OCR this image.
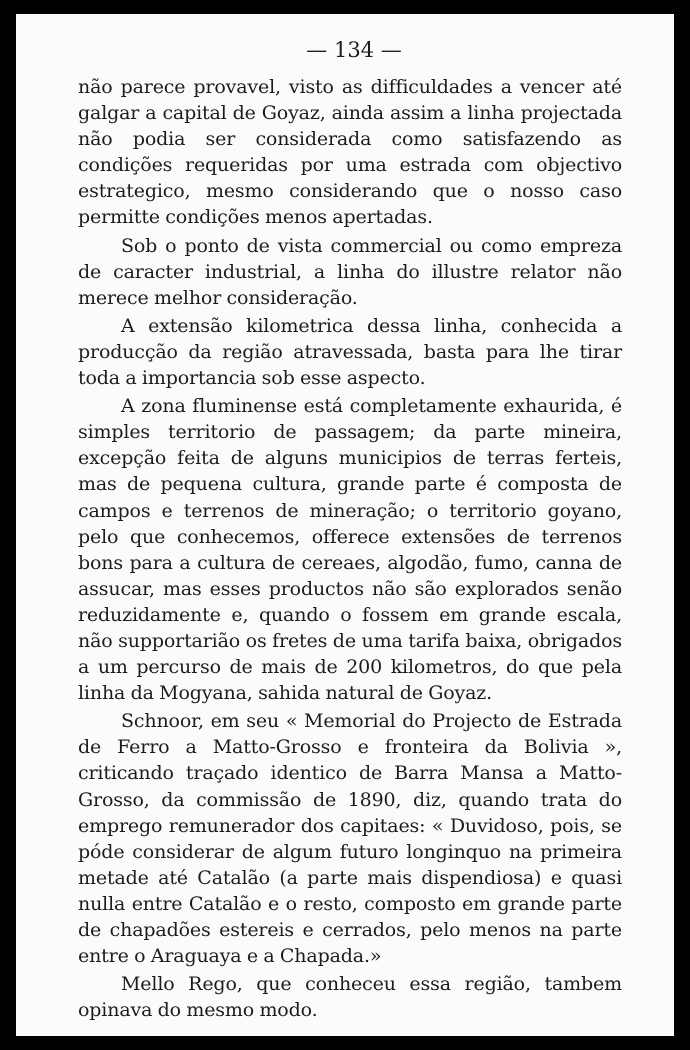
— 134 —

não parece provavel, visto as difficuldades a vencer até galgar a capital de Goyaz, ainda assim a linha projectada não podia ser considerada como satisfazendo as condições requeridas por uma estrada com objectivo estrategico, mesmo considerando que o nosso caso permitte condições menos apertadas.

Sob o ponto de vista commercial ou como empreza de caracter industrial, a linha do illustre relator não merece melhor consideração.

A extensão kilometrica dessa linha, conhecida a producção da região atravessada, basta para lhe tirar toda a importancia sob esse aspecto.

A zona fluminense está completamente exhaurida, é simples territorio de passagem; da parte mineira, excepção feita de alguns municipios de terras ferteis, mas de pequena cultura, grande parte é composta de campos e terrenos de mineração; o territorio goyano, pelo que conhecemos, offerece extensões de terrenos bons para a cultura de cereaes, algodão, fumo, canna de assucar, mas esses productos não são explorados senão reduzidamente e, quando o fossem em grande escala, não supportarião os fretes de uma tarifa baixa, obrigados a um percurso de mais de 200 kilometros, do que pela linha da Mogyana, sahida natural de Goyaz.

Schnoor, em seu « Memorial do Projecto de Estrada de Ferro a Matto-Grosso e fronteira da Bolivia », criticando traçado identico de Barra Mansa a Matto-Grosso, da commissão de 1890, diz, quando trata do emprego remunerador dos capitaes: « Duvidoso, pois, se póde considerar de algum futuro longinquo na primeira metade até Catalão (a parte mais dispendiosa) e quasi nulla entre Catalão e o resto, composto em grande parte de chapadões estereis e cerrados, pelo menos na parte entre o Araguaya e a Chapada.»

Mello Rego, que conheceu essa região, tambem opinava do mesmo modo.
